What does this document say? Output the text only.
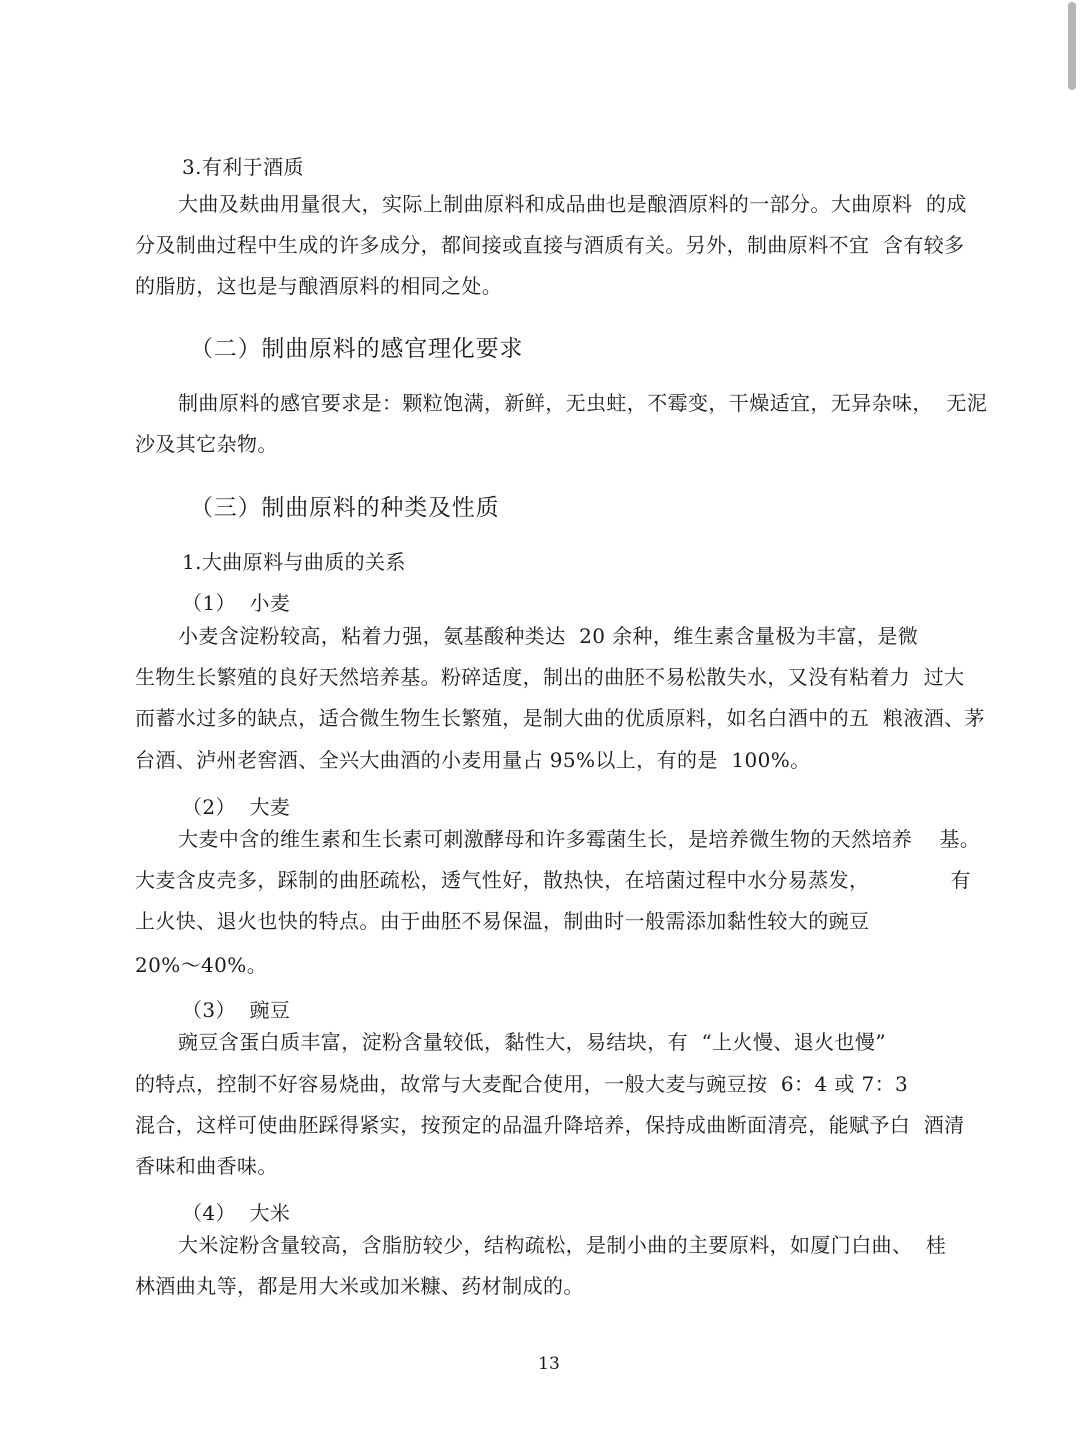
3.有利于酒质
大曲及麸曲用量很大，实际上制曲原料和成品曲也是酿酒原料的一部分。大曲原料  的成
分及制曲过程中生成的许多成分，都间接或直接与酒质有关。另外，制曲原料不宜  含有较多
的脂肪，这也是与酿酒原料的相同之处。
（二）制曲原料的感官理化要求
制曲原料的感官要求是：颗粒饱满，新鲜，无虫蛀，不霉变，干燥适宜，无异杂味，  无泥
沙及其它杂物。
（三）制曲原料的种类及性质
1.大曲原料与曲质的关系
（1）  小麦
小麦含淀粉较高，粘着力强，氨基酸种类达  20 余种，维生素含量极为丰富，是微
生物生长繁殖的良好天然培养基。粉碎适度，制出的曲胚不易松散失水，又没有粘着力  过大
而蓄水过多的缺点，适合微生物生长繁殖，是制大曲的优质原料，如名白酒中的五  粮液酒、茅
台酒、泸州老窖酒、全兴大曲酒的小麦用量占 95%以上，有的是  100%。
（2）  大麦
大麦中含的维生素和生长素可刺激酵母和许多霉菌生长，是培养微生物的天然培养    基。
大麦含皮壳多，踩制的曲胚疏松，透气性好，散热快，在培菌过程中水分易蒸发，            有
上火快、退火也快的特点。由于曲胚不易保温，制曲时一般需添加黏性较大的豌豆
20%～40%。
（3）  豌豆
豌豆含蛋白质丰富，淀粉含量较低，黏性大，易结块，有  “上火慢、退火也慢”
的特点，控制不好容易烧曲，故常与大麦配合使用，一般大麦与豌豆按  6：4 或 7：3
混合，这样可使曲胚踩得紧实，按预定的品温升降培养，保持成曲断面清亮，能赋予白  酒清
香味和曲香味。
（4）  大米
大米淀粉含量较高，含脂肪较少，结构疏松，是制小曲的主要原料，如厦门白曲、  桂
林酒曲丸等，都是用大米或加米糠、药材制成的。
13
